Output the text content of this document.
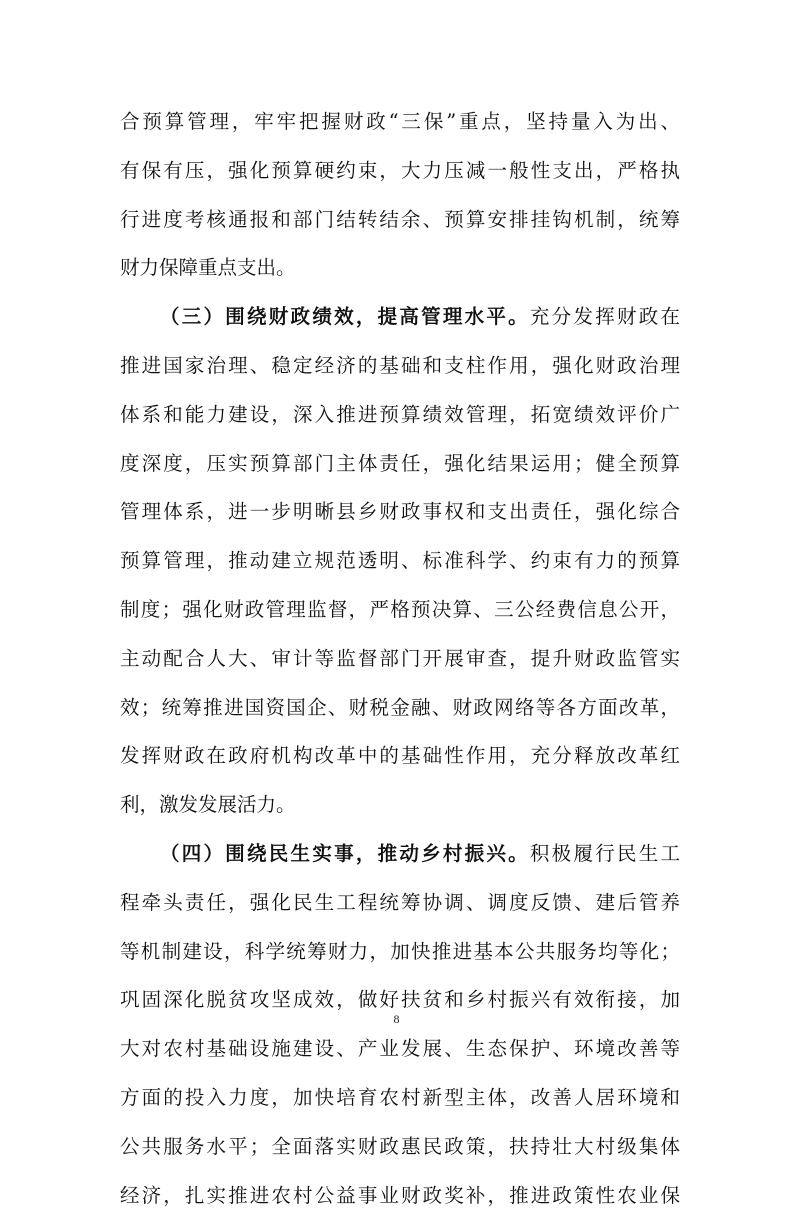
合预算管理，牢牢把握财政“三保”重点，坚持量入为出、
有保有压，强化预算硬约束，大力压减一般性支出，严格执
行进度考核通报和部门结转结余、预算安排挂钩机制，统筹
财力保障重点支出。
（三）围绕财政绩效，提高管理水平。充分发挥财政在
推进国家治理、稳定经济的基础和支柱作用，强化财政治理
体系和能力建设，深入推进预算绩效管理，拓宽绩效评价广
度深度，压实预算部门主体责任，强化结果运用；健全预算
管理体系，进一步明晰县乡财政事权和支出责任，强化综合
预算管理，推动建立规范透明、标准科学、约束有力的预算
制度；强化财政管理监督，严格预决算、三公经费信息公开，
主动配合人大、审计等监督部门开展审查，提升财政监管实
效；统筹推进国资国企、财税金融、财政网络等各方面改革，
发挥财政在政府机构改革中的基础性作用，充分释放改革红
利，激发发展活力。
（四）围绕民生实事，推动乡村振兴。积极履行民生工
程牵头责任，强化民生工程统筹协调、调度反馈、建后管养
等机制建设，科学统筹财力，加快推进基本公共服务均等化；
巩固深化脱贫攻坚成效，做好扶贫和乡村振兴有效衔接，加
大对农村基础设施建设、产业发展、生态保护、环境改善等
方面的投入力度，加快培育农村新型主体，改善人居环境和
公共服务水平；全面落实财政惠民政策，扶持壮大村级集体
经济，扎实推进农村公益事业财政奖补，推进政策性农业保
8
